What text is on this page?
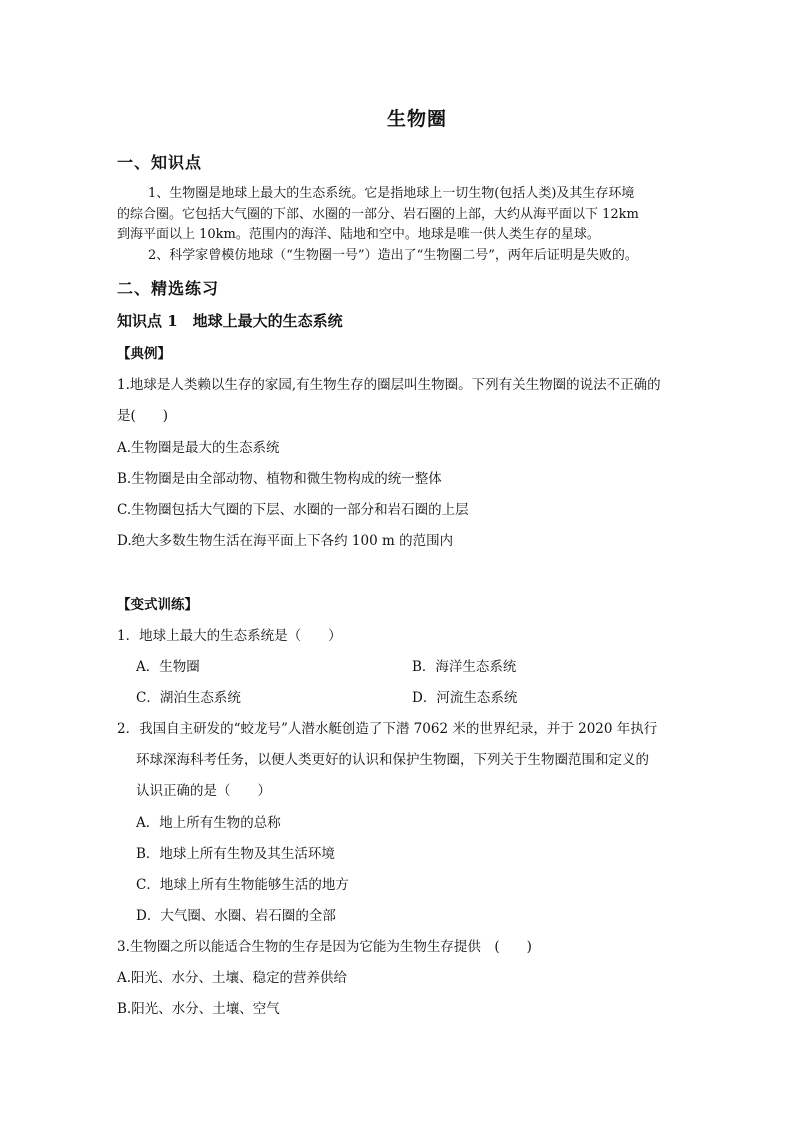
生物圈
一、知识点
1、生物圈是地球上最大的生态系统。它是指地球上一切生物(包括人类)及其生存环境
的综合圈。它包括大气圈的下部、水圈的一部分、岩石圈的上部，大约从海平面以下 12km
到海平面以上 10km。范围内的海洋、陆地和空中。地球是唯一供人类生存的星球。
2、科学家曾模仿地球（“生物圈一号”）造出了“生物圈二号”，两年后证明是失败的。
二、精选练习
知识点 1　地球上最大的生态系统
【典例】
1.地球是人类赖以生存的家园,有生物生存的圈层叫生物圈。下列有关生物圈的说法不正确的
是(　　)
A.生物圈是最大的生态系统
B.生物圈是由全部动物、植物和微生物构成的统一整体
C.生物圈包括大气圈的下层、水圈的一部分和岩石圈的上层
D.绝大多数生物生活在海平面上下各约 100 m 的范围内
【变式训练】
1．地球上最大的生态系统是（　　）
A．生物圈	B．海洋生态系统
C．湖泊生态系统	D．河流生态系统
2．我国自主研发的“蛟龙号”人潜水艇创造了下潜 7062 米的世界纪录，并于 2020 年执行
环球深海科考任务，以便人类更好的认识和保护生物圈，下列关于生物圈范围和定义的
认识正确的是（　　）
A．地上所有生物的总称
B．地球上所有生物及其生活环境
C．地球上所有生物能够生活的地方
D．大气圈、水圈、岩石圈的全部
3.生物圈之所以能适合生物的生存是因为它能为生物生存提供　(　　)
A.阳光、水分、土壤、稳定的营养供给
B.阳光、水分、土壤、空气
